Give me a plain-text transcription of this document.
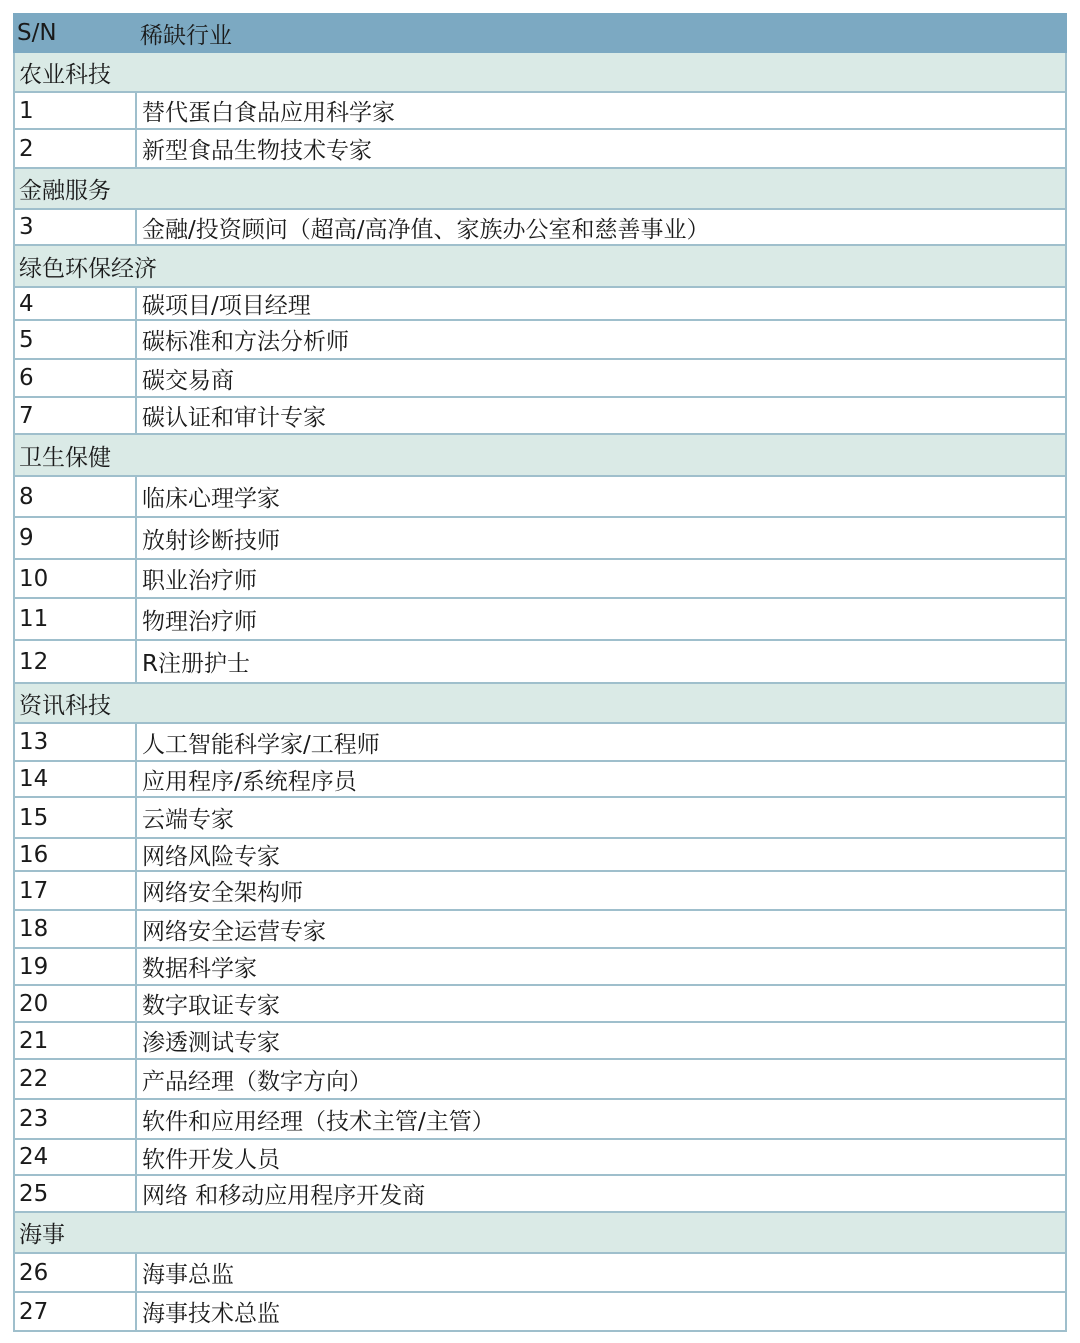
S/N	稀缺行业
农业科技
1	替代蛋白食品应用科学家
2	新型食品生物技术专家
金融服务
3	金融/投资顾问（超高/高净值、家族办公室和慈善事业）
绿色环保经济
4	碳项目/项目经理
5	碳标准和方法分析师
6	碳交易商
7	碳认证和审计专家
卫生保健
8	临床心理学家
9	放射诊断技师
10	职业治疗师
11	物理治疗师
12	R注册护士
资讯科技
13	人工智能科学家/工程师
14	应用程序/系统程序员
15	云端专家
16	网络风险专家
17	网络安全架构师
18	网络安全运营专家
19	数据科学家
20	数字取证专家
21	渗透测试专家
22	产品经理（数字方向）
23	软件和应用经理（技术主管/主管）
24	软件开发人员
25	网络 和移动应用程序开发商
海事
26	海事总监
27	海事技术总监
